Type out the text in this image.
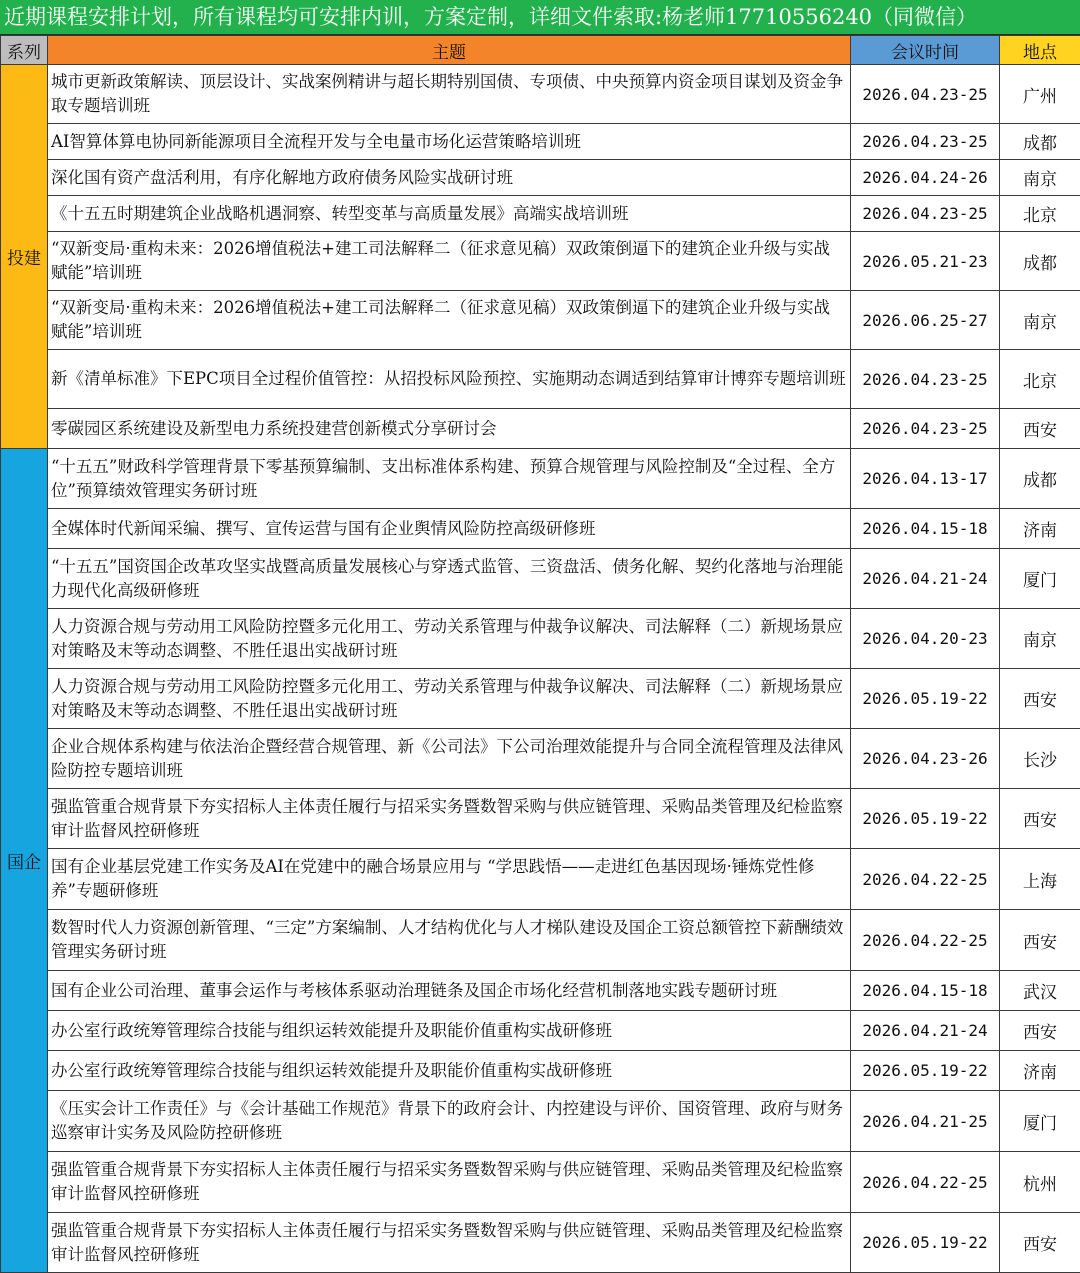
近期课程安排计划，所有课程均可安排内训，方案定制，详细文件索取:杨老师17710556240（同微信）
系列	主题	会议时间	地点
投建	城市更新政策解读、顶层设计、实战案例精讲与超长期特别国债、专项债、中央预算内资金项目谋划及资金争取专题培训班	2026.04.23-25	广州
	AI智算体算电协同新能源项目全流程开发与全电量市场化运营策略培训班	2026.04.23-25	成都
	深化国有资产盘活利用，有序化解地方政府债务风险实战研讨班	2026.04.24-26	南京
	《十五五时期建筑企业战略机遇洞察、转型变革与高质量发展》高端实战培训班	2026.04.23-25	北京
	“双新变局·重构未来：2026增值税法+建工司法解释二（征求意见稿）双政策倒逼下的建筑企业升级与实战赋能”培训班	2026.05.21-23	成都
	“双新变局·重构未来：2026增值税法+建工司法解释二（征求意见稿）双政策倒逼下的建筑企业升级与实战赋能”培训班	2026.06.25-27	南京
	新《清单标准》下EPC项目全过程价值管控：从招投标风险预控、实施期动态调适到结算审计博弈专题培训班	2026.04.23-25	北京
	零碳园区系统建设及新型电力系统投建营创新模式分享研讨会	2026.04.23-25	西安
国企	“十五五”财政科学管理背景下零基预算编制、支出标准体系构建、预算合规管理与风险控制及“全过程、全方位”预算绩效管理实务研讨班	2026.04.13-17	成都
	全媒体时代新闻采编、撰写、宣传运营与国有企业舆情风险防控高级研修班	2026.04.15-18	济南
	“十五五”国资国企改革攻坚实战暨高质量发展核心与穿透式监管、三资盘活、债务化解、契约化落地与治理能力现代化高级研修班	2026.04.21-24	厦门
	人力资源合规与劳动用工风险防控暨多元化用工、劳动关系管理与仲裁争议解决、司法解释（二）新规场景应对策略及末等动态调整、不胜任退出实战研讨班	2026.04.20-23	南京
	人力资源合规与劳动用工风险防控暨多元化用工、劳动关系管理与仲裁争议解决、司法解释（二）新规场景应对策略及末等动态调整、不胜任退出实战研讨班	2026.05.19-22	西安
	企业合规体系构建与依法治企暨经营合规管理、新《公司法》下公司治理效能提升与合同全流程管理及法律风险防控专题培训班	2026.04.23-26	长沙
	强监管重合规背景下夯实招标人主体责任履行与招采实务暨数智采购与供应链管理、采购品类管理及纪检监察审计监督风控研修班	2026.05.19-22	西安
	国有企业基层党建工作实务及AI在党建中的融合场景应用与 “学思践悟——走进红色基因现场·锤炼党性修养”专题研修班	2026.04.22-25	上海
	数智时代人力资源创新管理、“三定”方案编制、人才结构优化与人才梯队建设及国企工资总额管控下薪酬绩效管理实务研讨班	2026.04.22-25	西安
	国有企业公司治理、董事会运作与考核体系驱动治理链条及国企市场化经营机制落地实践专题研讨班	2026.04.15-18	武汉
	办公室行政统筹管理综合技能与组织运转效能提升及职能价值重构实战研修班	2026.04.21-24	西安
	办公室行政统筹管理综合技能与组织运转效能提升及职能价值重构实战研修班	2026.05.19-22	济南
	《压实会计工作责任》与《会计基础工作规范》背景下的政府会计、内控建设与评价、国资管理、政府与财务巡察审计实务及风险防控研修班	2026.04.21-25	厦门
	强监管重合规背景下夯实招标人主体责任履行与招采实务暨数智采购与供应链管理、采购品类管理及纪检监察审计监督风控研修班	2026.04.22-25	杭州
	强监管重合规背景下夯实招标人主体责任履行与招采实务暨数智采购与供应链管理、采购品类管理及纪检监察审计监督风控研修班	2026.05.19-22	西安
